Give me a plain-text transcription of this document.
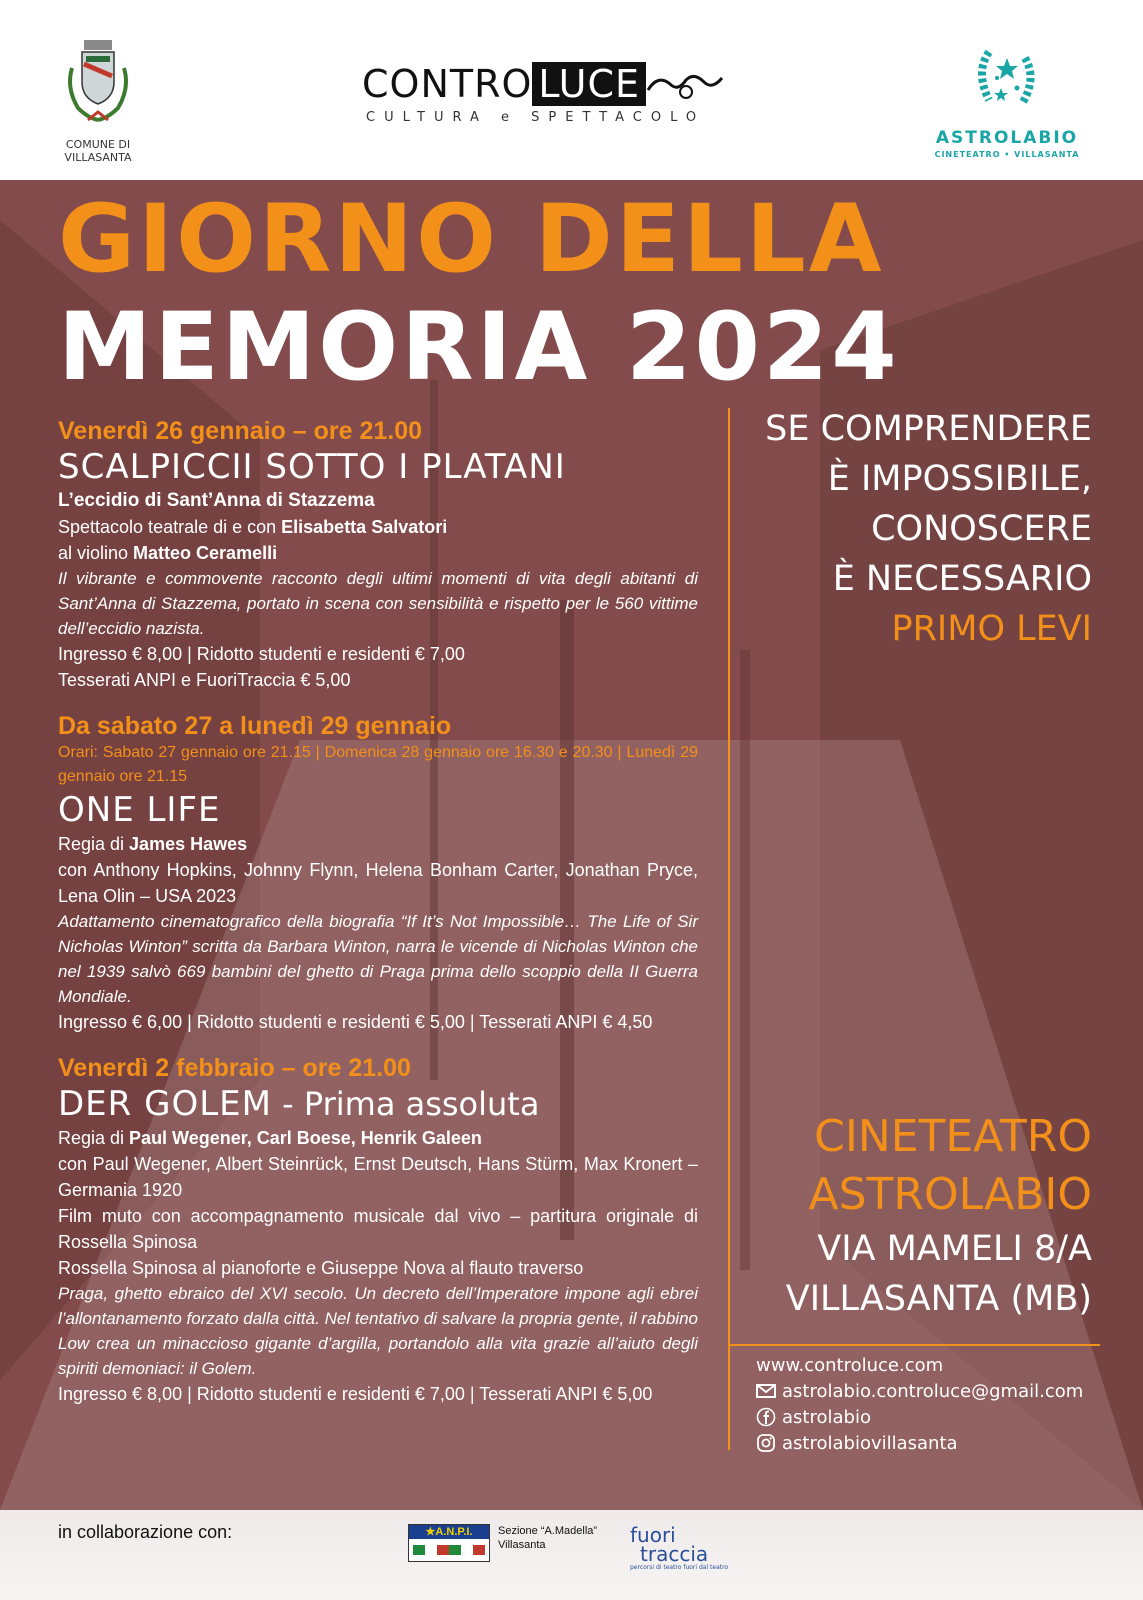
COMUNE DI
VILLASANTA
CONTRO LUCE
CULTURA e SPETTACOLO
ASTROLABIO
CINETEATRO • VILLASANTA
GIORNO DELLA
MEMORIA 2024
Venerdì 26 gennaio – ore 21.00
SCALPICCII SOTTO I PLATANI
L’eccidio di Sant’Anna di Stazzema
Spettacolo teatrale di e con Elisabetta Salvatori
al violino Matteo Ceramelli
Il vibrante e commovente racconto degli ultimi momenti di vita degli abitanti di Sant’Anna di Stazzema, portato in scena con sensibilità e rispetto per le 560 vittime dell’eccidio nazista.
Ingresso € 8,00 | Ridotto studenti e residenti € 7,00
Tesserati ANPI e FuoriTraccia € 5,00
Da sabato 27 a lunedì 29 gennaio
Orari: Sabato 27 gennaio ore 21.15 | Domenica 28 gennaio ore 16.30 e 20.30 | Lunedì 29 gennaio ore 21.15
ONE LIFE
Regia di James Hawes
con Anthony Hopkins, Johnny Flynn, Helena Bonham Carter, Jonathan Pryce, Lena Olin – USA 2023
Adattamento cinematografico della biografia “If It’s Not Impossible… The Life of Sir Nicholas Winton” scritta da Barbara Winton, narra le vicende di Nicholas Winton che nel 1939 salvò 669 bambini del ghetto di Praga prima dello scoppio della II Guerra Mondiale.
Ingresso € 6,00 | Ridotto studenti e residenti € 5,00 | Tesserati ANPI € 4,50
Venerdì 2 febbraio – ore 21.00
DER GOLEM - Prima assoluta
Regia di Paul Wegener, Carl Boese, Henrik Galeen
con Paul Wegener, Albert Steinrück, Ernst Deutsch, Hans Stürm, Max Kronert – Germania 1920
Film muto con accompagnamento musicale dal vivo – partitura originale di Rossella Spinosa
Rossella Spinosa al pianoforte e Giuseppe Nova al flauto traverso
Praga, ghetto ebraico del XVI secolo. Un decreto dell’Imperatore impone agli ebrei l’allontanamento forzato dalla città. Nel tentativo di salvare la propria gente, il rabbino Low crea un minaccioso gigante d’argilla, portandolo alla vita grazie all’aiuto degli spiriti demoniaci: il Golem.
Ingresso € 8,00 | Ridotto studenti e residenti € 7,00 | Tesserati ANPI € 5,00
SE COMPRENDERE
È IMPOSSIBILE,
CONOSCERE
È NECESSARIO
PRIMO LEVI
CINETEATRO
ASTROLABIO
VIA MAMELI 8/A
VILLASANTA (MB)
www.controluce.com
astrolabio.controluce@gmail.com
astrolabio
astrolabiovillasanta
in collaborazione con:	★A.N.P.I.	Sezione “A.Madella”
Villasanta	fuori
traccia
percorsi di teatro fuori dal teatro
